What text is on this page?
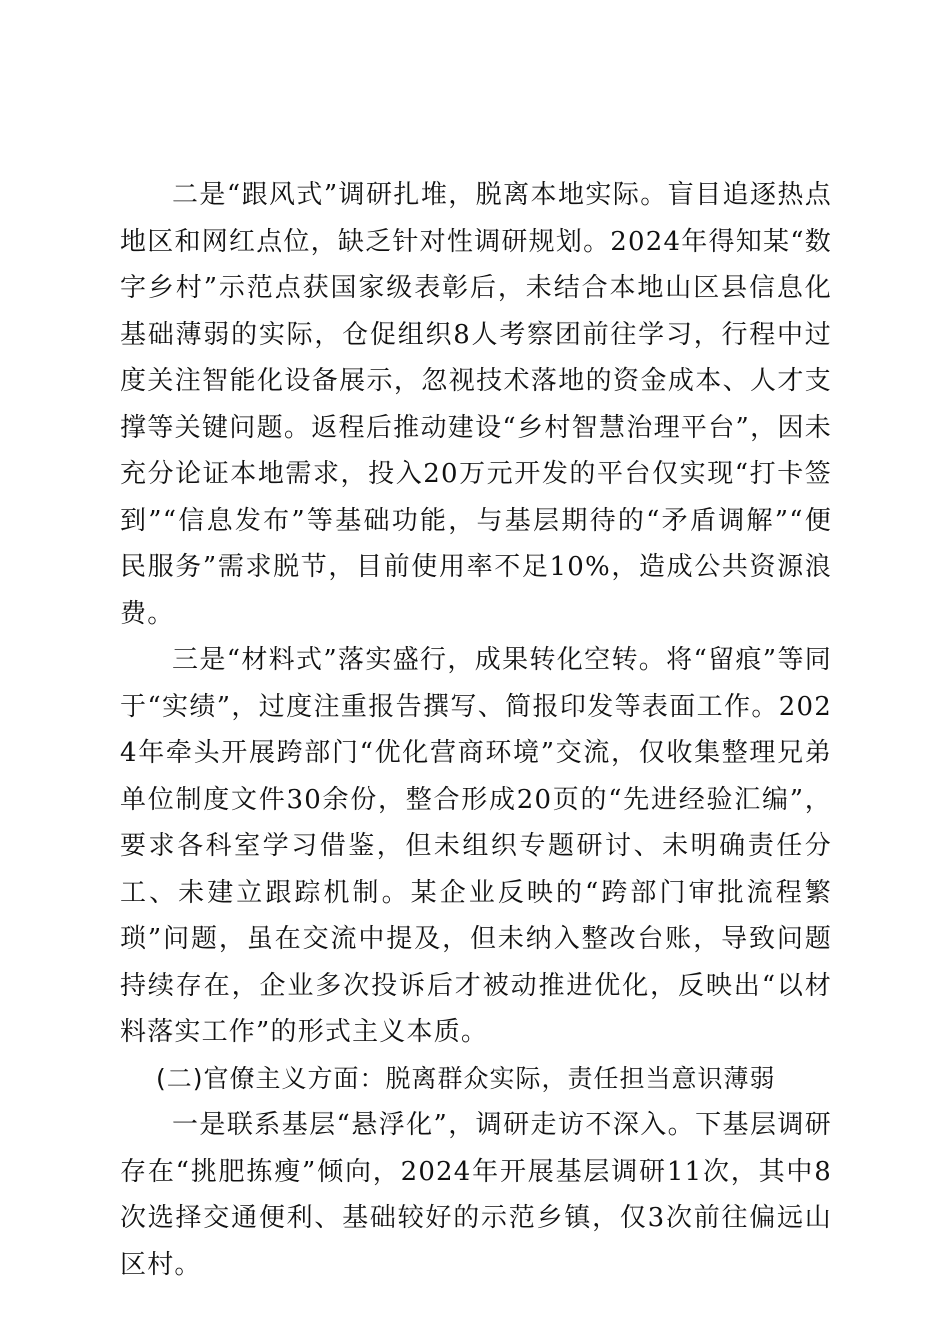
二是“跟风式”调研扎堆，脱离本地实际。盲目追逐热点地区和网红点位，缺乏针对性调研规划。2024年得知某“数字乡村”示范点获国家级表彰后，未结合本地山区县信息化基础薄弱的实际，仓促组织8人考察团前往学习，行程中过度关注智能化设备展示，忽视技术落地的资金成本、人才支撑等关键问题。返程后推动建设“乡村智慧治理平台”，因未充分论证本地需求，投入20万元开发的平台仅实现“打卡签到”“信息发布”等基础功能，与基层期待的“矛盾调解”“便民服务”需求脱节，目前使用率不足10%，造成公共资源浪费。

三是“材料式”落实盛行，成果转化空转。将“留痕”等同于“实绩”，过度注重报告撰写、简报印发等表面工作。2024年牵头开展跨部门“优化营商环境”交流，仅收集整理兄弟单位制度文件30余份，整合形成20页的“先进经验汇编”，要求各科室学习借鉴，但未组织专题研讨、未明确责任分工、未建立跟踪机制。某企业反映的“跨部门审批流程繁琐”问题，虽在交流中提及，但未纳入整改台账，导致问题持续存在，企业多次投诉后才被动推进优化，反映出“以材料落实工作”的形式主义本质。

(二)官僚主义方面：脱离群众实际，责任担当意识薄弱

一是联系基层“悬浮化”，调研走访不深入。下基层调研存在“挑肥拣瘦”倾向，2024年开展基层调研11次，其中8次选择交通便利、基础较好的示范乡镇，仅3次前往偏远山区村。
